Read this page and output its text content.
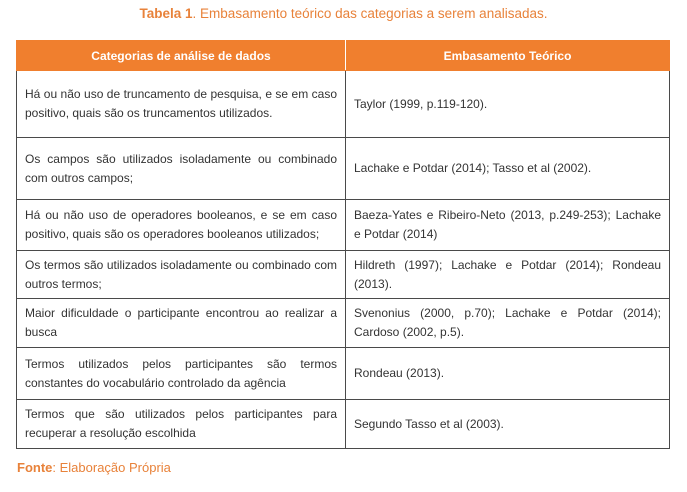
Tabela 1. Embasamento teórico das categorias a serem analisadas.
Categorias de análise de dados	Embasamento Teórico
Há ou não uso de truncamento de pesquisa, e se em caso positivo, quais são os truncamentos utilizados.	Taylor (1999, p.119-120).
Os campos são utilizados isoladamente ou combinado com outros campos;	Lachake e Potdar (2014); Tasso et al (2002).
Há ou não uso de operadores booleanos, e se em caso positivo, quais são os operadores booleanos utilizados;	Baeza-Yates e Ribeiro-Neto (2013, p.249-253); Lachake e Potdar (2014)
Os termos são utilizados isoladamente ou combinado com outros termos;	Hildreth (1997); Lachake e Potdar (2014); Rondeau (2013).
Maior dificuldade o participante encontrou ao realizar a busca	Svenonius (2000, p.70); Lachake e Potdar (2014); Cardoso (2002, p.5).
Termos utilizados pelos participantes são termos constantes do vocabulário controlado da agência	Rondeau (2013).
Termos que são utilizados pelos participantes para recuperar a resolução escolhida	Segundo Tasso et al (2003).
Fonte: Elaboração Própria
